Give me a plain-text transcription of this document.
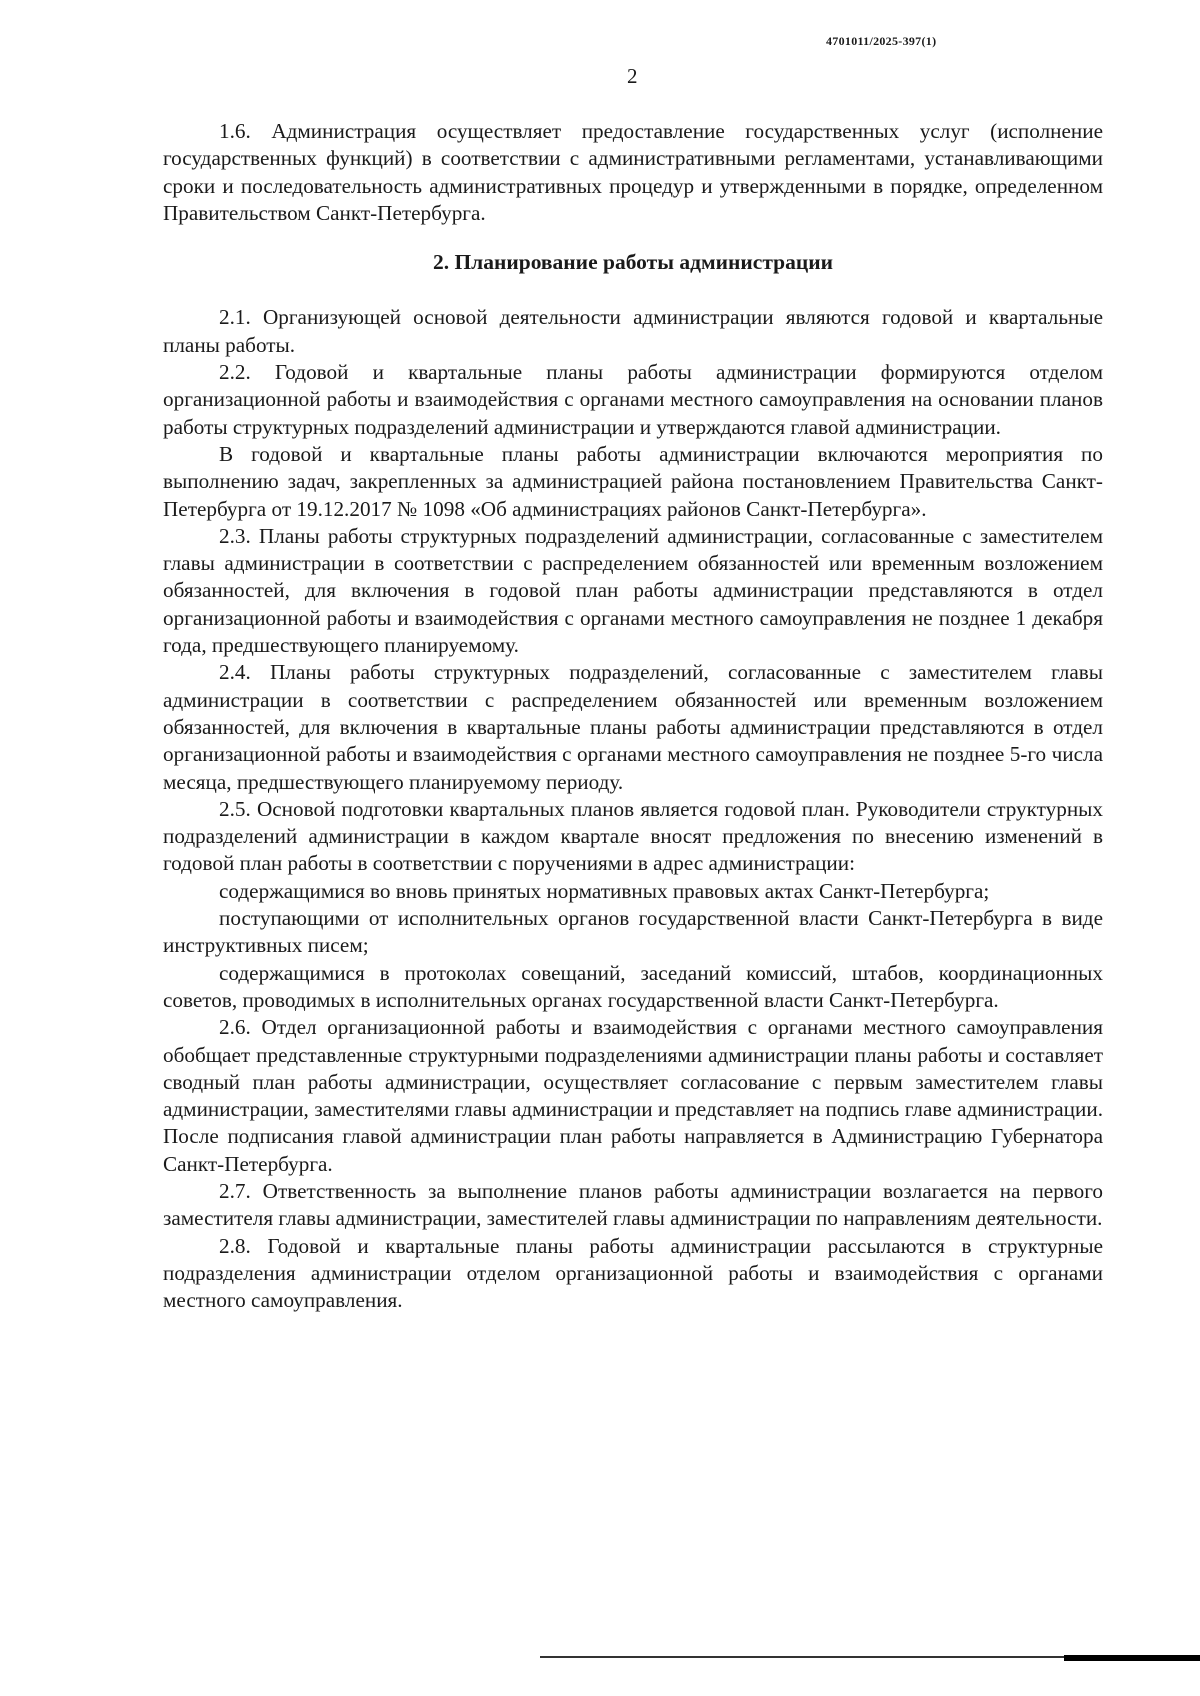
4701011/2025-397(1)
2

1.6. Администрация осуществляет предоставление государственных услуг (исполнение государственных функций) в соответствии с административными регламентами, устанавливающими сроки и последовательность административных процедур и утвержденными в порядке, определенном Правительством Санкт-Петербурга.

2. Планирование работы администрации

2.1. Организующей основой деятельности администрации являются годовой и квартальные планы работы.

2.2. Годовой и квартальные планы работы администрации формируются отделом организационной работы и взаимодействия с органами местного самоуправления на основании планов работы структурных подразделений администрации и утверждаются главой администрации.

В годовой и квартальные планы работы администрации включаются мероприятия по выполнению задач, закрепленных за администрацией района постановлением Правительства Санкт-Петербурга от 19.12.2017 № 1098 «Об администрациях районов Санкт-Петербурга».

2.3. Планы работы структурных подразделений администрации, согласованные с заместителем главы администрации в соответствии с распределением обязанностей или временным возложением обязанностей, для включения в годовой план работы администрации представляются в отдел организационной работы и взаимодействия с органами местного самоуправления не позднее 1 декабря года, предшествующего планируемому.

2.4. Планы работы структурных подразделений, согласованные с заместителем главы администрации в соответствии с распределением обязанностей или временным возложением обязанностей, для включения в квартальные планы работы администрации представляются в отдел организационной работы и взаимодействия с органами местного самоуправления не позднее 5-го числа месяца, предшествующего планируемому периоду.

2.5. Основой подготовки квартальных планов является годовой план. Руководители структурных подразделений администрации в каждом квартале вносят предложения по внесению изменений в годовой план работы в соответствии с поручениями в адрес администрации:

содержащимися во вновь принятых нормативных правовых актах Санкт-Петербурга;

поступающими от исполнительных органов государственной власти Санкт-Петербурга в виде инструктивных писем;

содержащимися в протоколах совещаний, заседаний комиссий, штабов, координационных советов, проводимых в исполнительных органах государственной власти Санкт-Петербурга.

2.6. Отдел организационной работы и взаимодействия с органами местного самоуправления обобщает представленные структурными подразделениями администрации планы работы и составляет сводный план работы администрации, осуществляет согласование с первым заместителем главы администрации, заместителями главы администрации и представляет на подпись главе администрации. После подписания главой администрации план работы направляется в Администрацию Губернатора Санкт-Петербурга.

2.7. Ответственность за выполнение планов работы администрации возлагается на первого заместителя главы администрации, заместителей главы администрации по направлениям деятельности.

2.8. Годовой и квартальные планы работы администрации рассылаются в структурные подразделения администрации отделом организационной работы и взаимодействия с органами местного самоуправления.
